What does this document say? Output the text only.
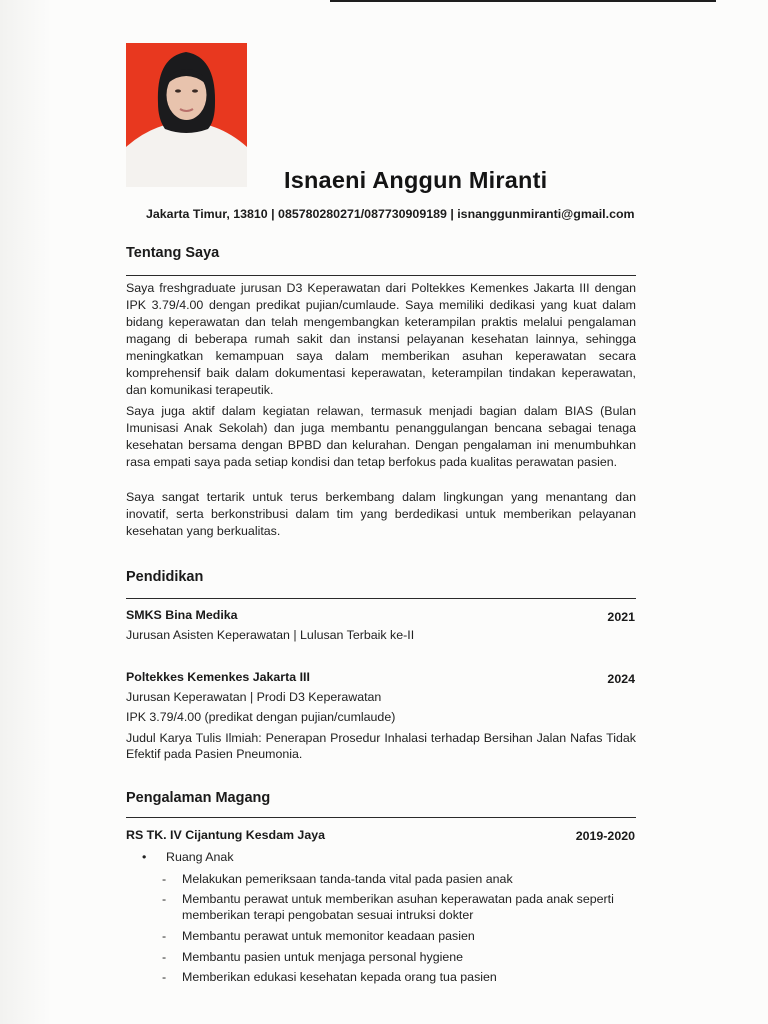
Isnaeni Anggun Miranti
Jakarta Timur, 13810 | 085780280271/087730909189 | isnanggunmiranti@gmail.com
Tentang Saya
Saya freshgraduate jurusan D3 Keperawatan dari Poltekkes Kemenkes Jakarta III dengan IPK 3.79/4.00 dengan predikat pujian/cumlaude. Saya memiliki dedikasi yang kuat dalam bidang keperawatan dan telah mengembangkan keterampilan praktis melalui pengalaman magang di beberapa rumah sakit dan instansi pelayanan kesehatan lainnya, sehingga meningkatkan kemampuan saya dalam memberikan asuhan keperawatan secara komprehensif baik dalam dokumentasi keperawatan, keterampilan tindakan keperawatan, dan komunikasi terapeutik.
Saya juga aktif dalam kegiatan relawan, termasuk menjadi bagian dalam BIAS (Bulan Imunisasi Anak Sekolah) dan juga membantu penanggulangan bencana sebagai tenaga kesehatan bersama dengan BPBD dan kelurahan. Dengan pengalaman ini menumbuhkan rasa empati saya pada setiap kondisi dan tetap berfokus pada kualitas perawatan pasien.
Saya sangat tertarik untuk terus berkembang dalam lingkungan yang menantang dan inovatif, serta berkonstribusi dalam tim yang berdedikasi untuk memberikan pelayanan kesehatan yang berkualitas.
Pendidikan
SMKS Bina Medika	2021
Jurusan Asisten Keperawatan | Lulusan Terbaik ke-II
Poltekkes Kemenkes Jakarta III	2024
Jurusan Keperawatan | Prodi D3 Keperawatan
IPK 3.79/4.00 (predikat dengan pujian/cumlaude)
Judul Karya Tulis Ilmiah: Penerapan Prosedur Inhalasi terhadap Bersihan Jalan Nafas Tidak Efektif pada Pasien Pneumonia.
Pengalaman Magang
RS TK. IV Cijantung Kesdam Jaya	2019-2020
• Ruang Anak
- Melakukan pemeriksaan tanda-tanda vital pada pasien anak
- Membantu perawat untuk memberikan asuhan keperawatan pada anak seperti memberikan terapi pengobatan sesuai intruksi dokter
- Membantu perawat untuk memonitor keadaan pasien
- Membantu pasien untuk menjaga personal hygiene
- Memberikan edukasi kesehatan kepada orang tua pasien
